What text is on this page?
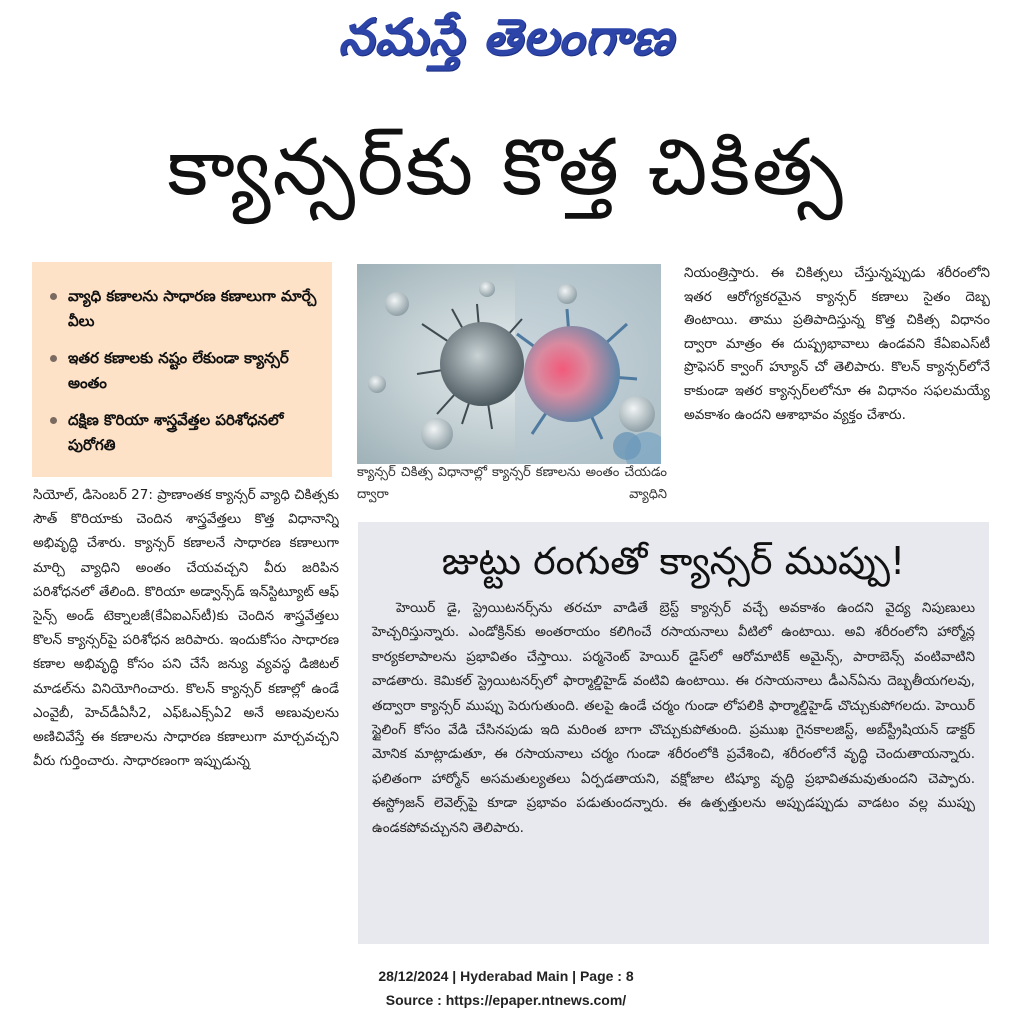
నమస్తే తెలంగాణ
క్యాన్సర్‌కు కొత్త చికిత్స
వ్యాధి కణాలను సాధారణ కణాలుగా మార్చే వీలు
ఇతర కణాలకు నష్టం లేకుండా క్యాన్సర్‌ అంతం
దక్షిణ కొరియా శాస్త్రవేత్తల పరిశోధనలో పురోగతి
క్యాన్సర్‌ చికిత్స విధానాల్లో క్యాన్సర్‌ కణాలను అంతం చేయడం ద్వారా వ్యాధిని
సియోల్‌, డిసెంబర్‌ 27: ప్రాణాంతక క్యాన్సర్‌ వ్యాధి చికిత్సకు సౌత్‌ కొరియాకు చెందిన శాస్త్రవేత్తలు కొత్త విధానాన్ని అభివృద్ధి చేశారు. క్యాన్సర్‌ కణాలనే సాధారణ కణాలుగా మార్చి వ్యాధిని అంతం చేయవచ్చని వీరు జరిపిన పరిశోధనలో తేలింది. కొరియా అడ్వాన్స్‌డ్‌ ఇన్‌స్టిట్యూట్‌ ఆఫ్‌ సైన్స్‌ అండ్‌ టెక్నాలజీ(కేఏఐఎస్‌టీ)కు చెందిన శాస్త్రవేత్తలు కొలన్‌ క్యాన్సర్‌పై పరిశోధన జరిపారు. ఇందుకోసం సాధారణ కణాల అభివృద్ధి కోసం పని చేసే జన్యు వ్యవస్థ డిజిటల్‌ మాడల్‌ను వినియోగించారు. కొలన్‌ క్యాన్సర్‌ కణాల్లో ఉండే ఎంవైబీ, హెచ్‌డీఏసీ2, ఎఫ్‌ఓఎక్స్‌ఏ2 అనే అణువులను అణిచివేస్తే ఈ కణాలను సాధారణ కణాలుగా మార్చవచ్చని వీరు గుర్తించారు. సాధారణంగా ఇప్పుడున్న
నియంత్రిస్తారు. ఈ చికిత్సలు చేస్తున్నప్పుడు శరీరంలోని ఇతర ఆరోగ్యకరమైన క్యాన్సర్‌ కణాలు సైతం దెబ్బ తింటాయి. తాము ప్రతిపాదిస్తున్న కొత్త చికిత్స విధానం ద్వారా మాత్రం ఈ దుష్ప్రభావాలు ఉండవని కేఏఐఎస్‌టీ ప్రొఫెసర్‌ క్వాంగ్‌ హ్యూన్‌ చో తెలిపారు. కొలన్‌ క్యాన్సర్‌లోనే కాకుండా ఇతర క్యాన్సర్‌లలోనూ ఈ విధానం సఫలమయ్యే అవకాశం ఉందని ఆశాభావం వ్యక్తం చేశారు.
జుట్టు రంగుతో క్యాన్సర్‌ ముప్పు!

హెయిర్‌ డై, స్ట్రెయిటనర్స్‌ను తరచూ వాడితే బ్రెస్ట్‌ క్యాన్సర్‌ వచ్చే అవకాశం ఉందని వైద్య నిపుణులు హెచ్చరిస్తున్నారు. ఎండోక్రిన్‌కు అంతరాయం కలిగించే రసాయనాలు వీటిలో ఉంటాయి. అవి శరీరంలోని హార్మోన్ల కార్యకలాపాలను ప్రభావితం చేస్తాయి. పర్మనెంట్‌ హెయిర్‌ డైస్‌లో ఆరోమాటిక్‌ అమైన్స్‌, పారాబెన్స్‌ వంటివాటిని వాడతారు. కెమికల్‌ స్ట్రెయిటనర్స్‌లో ఫార్మాల్డిహైడ్‌ వంటివి ఉంటాయి. ఈ రసాయనాలు డీఎన్‌ఏను దెబ్బతీయగలవు, తద్వారా క్యాన్సర్‌ ముప్పు పెరుగుతుంది. తలపై ఉండే చర్మం గుండా లోపలికి ఫార్మాల్డిహైడ్‌ చొచ్చుకుపోగలదు. హెయిర్‌ స్టైలింగ్‌ కోసం వేడి చేసినపుడు ఇది మరింత బాగా చొచ్చుకుపోతుంది. ప్రముఖ గైనకాలజిస్ట్‌, అబ్‌స్ట్రీషియన్‌ డాక్టర్‌ మోనిక మాట్లాడుతూ, ఈ రసాయనాలు చర్మం గుండా శరీరంలోకి ప్రవేశించి, శరీరంలోనే వృద్ధి చెందుతాయన్నారు. ఫలితంగా హార్మోన్‌ అసమతుల్యతలు ఏర్పడతాయని, వక్షోజాల టిష్యూ వృద్ధి ప్రభావితమవుతుందని చెప్పారు. ఈస్ట్రోజన్‌ లెవెల్స్‌పై కూడా ప్రభావం పడుతుందన్నారు. ఈ ఉత్పత్తులను అప్పుడప్పుడు వాడటం వల్ల ముప్పు ఉండకపోవచ్చునని తెలిపారు.

28/12/2024 | Hyderabad Main | Page : 8
Source : https://epaper.ntnews.com/
